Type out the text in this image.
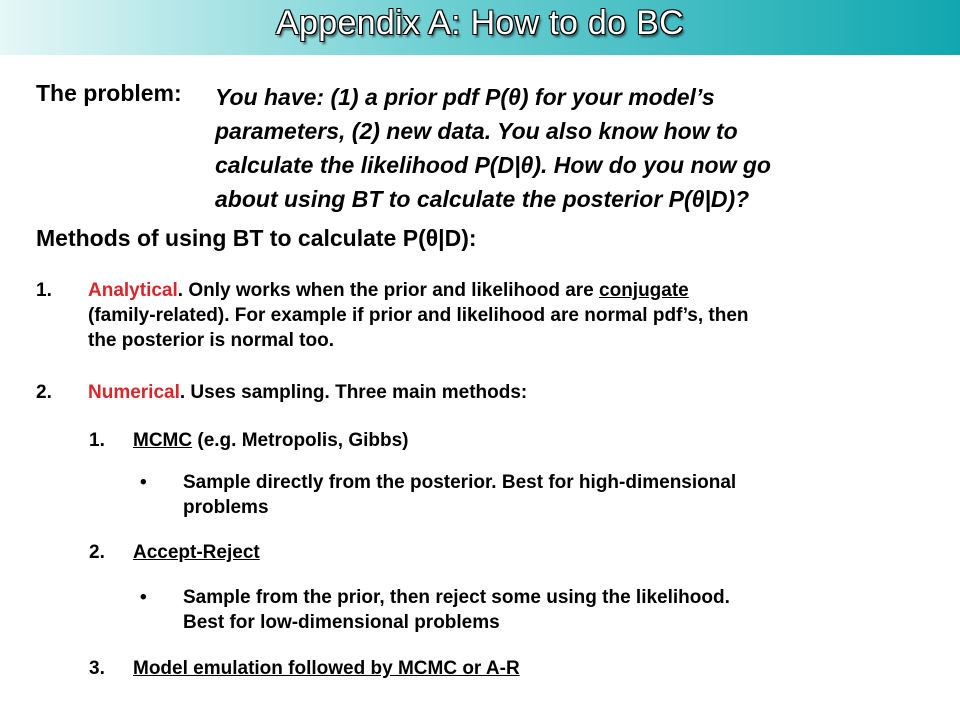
Appendix A: How to do BC
The problem: You have: (1) a prior pdf P(θ) for your model’s
parameters, (2) new data. You also know how to
calculate the likelihood P(D|θ). How do you now go
about using BT to calculate the posterior P(θ|D)?
Methods of using BT to calculate P(θ|D):
1. Analytical. Only works when the prior and likelihood are conjugate
(family-related). For example if prior and likelihood are normal pdf’s, then
the posterior is normal too.
2. Numerical. Uses sampling. Three main methods:
1. MCMC (e.g. Metropolis, Gibbs)
• Sample directly from the posterior. Best for high-dimensional
problems
2. Accept-Reject
• Sample from the prior, then reject some using the likelihood.
Best for low-dimensional problems
3. Model emulation followed by MCMC or A-R
